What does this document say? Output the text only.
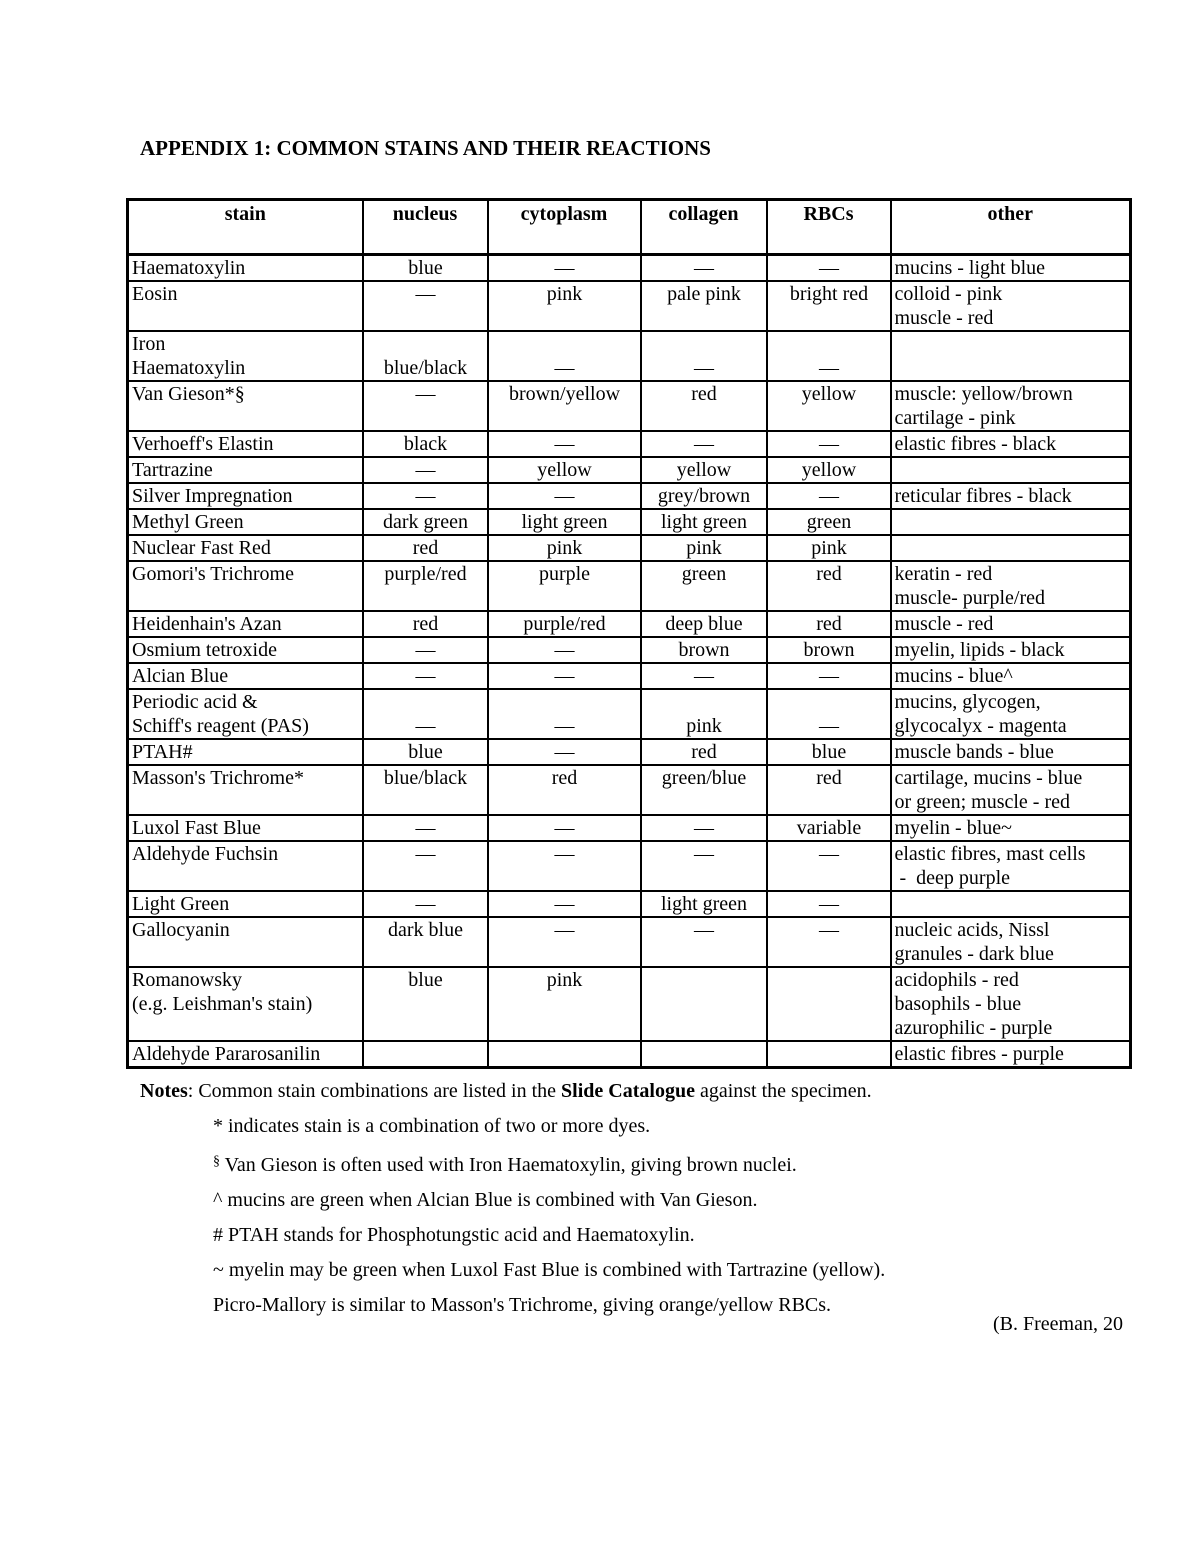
APPENDIX 1: COMMON STAINS AND THEIR REACTIONS
stain	nucleus	cytoplasm	collagen	RBCs	other
Haematoxylin	blue	—	—	—	mucins - light blue
Eosin	—	pink	pale pink	bright red	colloid - pink
muscle - red
Iron
Haematoxylin	blue/black	—	—	—	
Van Gieson*§	—	brown/yellow	red	yellow	muscle: yellow/brown
cartilage - pink
Verhoeff's Elastin	black	—	—	—	elastic fibres - black
Tartrazine	—	yellow	yellow	yellow	
Silver Impregnation	—	—	grey/brown	—	reticular fibres - black
Methyl Green	dark green	light green	light green	green	
Nuclear Fast Red	red	pink	pink	pink	
Gomori's Trichrome	purple/red	purple	green	red	keratin - red
muscle- purple/red
Heidenhain's Azan	red	purple/red	deep blue	red	muscle - red
Osmium tetroxide	—	—	brown	brown	myelin, lipids - black
Alcian Blue	—	—	—	—	mucins - blue^
Periodic acid &
Schiff's reagent (PAS)	—	—	pink	—	mucins, glycogen,
glycocalyx - magenta
PTAH#	blue	—	red	blue	muscle bands - blue
Masson's Trichrome*	blue/black	red	green/blue	red	cartilage, mucins - blue
or green; muscle - red
Luxol Fast Blue	—	—	—	variable	myelin - blue~
Aldehyde Fuchsin	—	—	—	—	elastic fibres, mast cells
-  deep purple
Light Green	—	—	light green	—	
Gallocyanin	dark blue	—	—	—	nucleic acids, Nissl
granules - dark blue
Romanowsky
(e.g. Leishman's stain)	blue	pink			acidophils - red
basophils - blue
azurophilic - purple
Aldehyde Pararosanilin					elastic fibres - purple
Notes: Common stain combinations are listed in the Slide Catalogue against the specimen.
* indicates stain is a combination of two or more dyes.
§ Van Gieson is often used with Iron Haematoxylin, giving brown nuclei.
^ mucins are green when Alcian Blue is combined with Van Gieson.
# PTAH stands for Phosphotungstic acid and Haematoxylin.
~ myelin may be green when Luxol Fast Blue is combined with Tartrazine (yellow).
Picro-Mallory is similar to Masson's Trichrome, giving orange/yellow RBCs.
(B. Freeman, 20
